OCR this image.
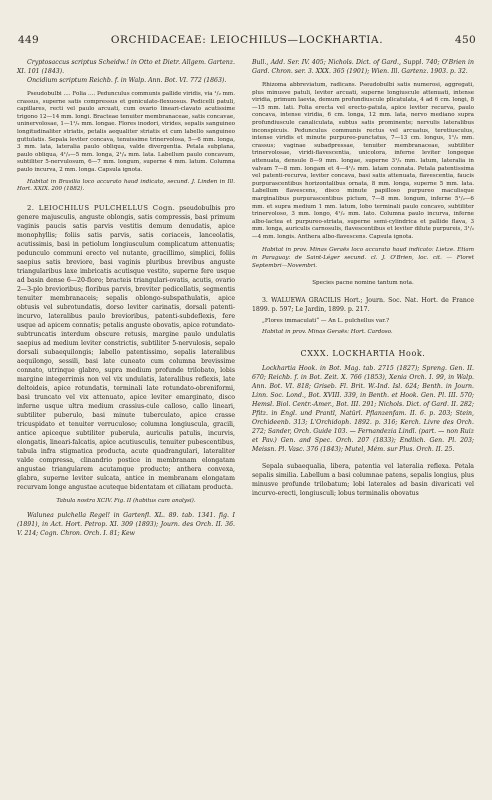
449	ORCHIDACEAE: LEIOCHILUS—LOCKHARTIA.	450

Cryptosaccus scriptus Scheidw.! in Otto et Dietr. Allgem. Gartenz. XI. 101 (1843).

Oncidium scriptum Reichb. f. in Walp. Ann. Bot. VI. 772 (1863).

Pseudobulbi .... Folia .... Pedunculus communis pallide viridis, via ¹/₂ mm. crassus, superne satis compressus et geniculato-flexuosus. Pedicelli patuli, capillares, recti vel paulo arcuati, cum ovario lineari-clavato acutissime trigono 12—14 mm. longi. Bracteae tenuiter membranaceae, satis concavae, uninervolosae, 1—1¹/₂ mm. longae. Flores inodori, virides, sepalis sanguineo longitudinaliter striatis, petalis aequaliter striatis et cum labello sanguineo guttulatis. Sepala leviter concava, tenuissime trinervolosa, 5—6 mm. longa, 3 mm. lata, lateralia paulo obliqua, valde divergentia. Petala subplana, paulo obliqua, 4¹/₂—5 mm. longa, 2¹/₄ mm. lata. Labellum paulo concavum, subtiliter 5-nervulosum, 6—7 mm. longum, superne 4 mm. latum. Columna paulo incurva, 2 mm. longa. Capsula ignota.

Habitat in Brasilia loco accurato haud indicato, secund. J. Linden in Ill. Hort. XXIX. 200 (1882).

2. LEIOCHILUS PULCHELLUS Cogn. pseudobulbis pro genere majusculis, anguste oblongis, satis compressis, basi primum vaginis paucis satis parvis vestitis demum denudatis, apice monophyllis; foliis satis parvis, satis coriaceis, lanceolatis, acutissimis, basi in petiolum longiusculum complicatum attenuatis; pedunculo communi erecto vel nutante, gracillimo, simplici, foliis saepius satis breviore, basi vaginis pluribus brevibus anguste triangularibus laxe imbricatis acutisque vestito, superne fere usque ad basin dense 6—20-floro; bracteis triangulari-ovatis, acutis, ovario 2—3-plo brevioribus; floribus parvis, breviter pedicellatis, segmentis tenuiter membranaceis; sepalis oblongo-subspathulatis, apice obtusis vel subrotundatis, dorso leviter carinatis, dorsali patenti-incurvo, lateralibus paulo brevioribus, patenti-subdeflexis, fere usque ad apicem connatis; petalis anguste obovatis, apice rotundato-subtruncatis interdum obscure retusis, margine paulo undulatis saepius ad medium leviter constrictis, subtiliter 5-nervulosis, sepalo dorsali subaequilongis; labello patentissimo, sepalis lateralibus aequilongo, sessili, basi late cuneato cum columna brevissime connato, utrinque glabro, supra medium profunde trilobato, lobis margine integerrimis non vel vix undulatis, lateralibus reflexis, late deltoideis, apice rotundatis, terminali late rotundato-obreniformi, basi truncato vel vix attenuato, apice leviter emarginato, disco inferne usque ultra medium crassius-cule calloso, callo lineari, subtiliter puberulo, basi minute tuberculato, apice crasse tricuspidato et tenuiter verruculoso; columna longiuscula, gracili, antice apiceque subtiliter puberula, auriculis patulis, incurvis, elongatis, lineari-falcatis, apice acutiusculis, tenuiter pubescentibus, tabula infra stigmatica producta, acute quadrangulari, lateraliter valde compressa, clinandrio postice in membranam elongatam angustae triangularem acutamque producto; anthera convexa, glabra, superne leviter sulcata, antice in membranam elongatam recurvam longe angustae acuteque bidentatam et ciliatam producta.

Tabula nostra XCIV. Fig. II (habitus cum analysi).

Walunea pulchella Regel! in Gartenfl. XL. 89. tab. 1341. fig. I (1891), in Act. Hort. Petrop. XI. 309 (1893); Journ. des Orch. II. 36. V. 214; Cogn. Chron. Orch. I. 81; Kew

Bull., Add. Ser. IV. 405; Nichols. Dict. of Gard., Suppl. 740; O'Brien in Gard. Chron. ser. 3. XXX. 365 (1901); Wien. Ill. Gartenz. 1903. p. 32.

Rhizoma abbreviatum, radicans. Pseudobulbi satis numerosi, aggregati, plus minusve patuli, leviter arcuati, superne longiuscule attenuati, intense viridia, primum laevia, demum profundiuscule plicatulata, 4 ad 6 cm. longi, 8—15 mm. lati. Folia erecta vel erecto-patula, apice leviter recurva, paulo concava, intense viridia, 6 cm. longa, 12 mm. lata, nervo mediano supra profundiuscule canaliculata, subtus satis prominente; nervulis lateralibus inconspicuis. Pedunculus communis rectus vel arcuatus, teretiusculus, intense viridis et minute purpureo-punctatus, 7—13 cm. longus, 1¹/₂ mm. crassus; vaginae subadpressae, tenuiter membranaceae, subtiliter trinervolosae, viridi-flavescentia, unicolora, inferne leviter longeque attenuata, densule 8—9 mm. longae, superne 3¹/₂ mm. latum, lateralia in valvam 7—8 mm. longam et 4—4¹/₂ mm. latam connata. Petala patentissima vel patenti-recurva, leviter concava, basi satis attenuata, flavescentia, faucis purpurascentibus horizontalibus ornata, 8 mm. longa, superne 5 mm. lata. Labellum flavescens, disco minute papilloso purpureo maculisque marginalibus purpurascentibus pictum, 7—8 mm. longum, inferne 5¹/₂—6 mm. et supra medium 1 mm. latum, lobo terminali paulo concavo, subtiliter trinervoloso, 3 mm. longo, 4¹/₂ mm. lato. Columna paulo incurva, inferne albo-lactea et purpureo-striata, superne semi-cylindrica et pallide flava, 3 mm. longa, auriculis carnosulis, flavescentibus et leviter dilute purpureis, 3¹/₂—4 mm. longis. Anthera albo-flavescens. Capsula ignota.

Habitat in prov. Minas Geraës loco accurato haud indicato: Lietze. Etiam in Paraguay: de Saint-Léger secund. cl. J. O'Brien, loc. cit. — Floret Septembri—Novembri.

Species pacne nomine tantum nota.

3. WALUEWA GRACILIS Hort.; Journ. Soc. Nat. Hort. de France 1899. p. 597; Le Jardin, 1899. p. 217.

„Flores immaculati“ — An L. pulchellus var.?

Habitat in prov. Minas Geraës: Hort. Cardoso.

CXXX. LOCKHARTIA Hook.

Lockhartia Hook. in Bot. Mag. tab. 2715 (1827); Spreng. Gen. II. 670; Reichb. f. in Bot. Zeit. X. 766 (1853), Xenia Orch. I. 99, in Walp. Ann. Bot. VI. 818; Griseb. Fl. Brit. W.-Ind. Isl. 624; Benth. in Journ. Linn. Soc. Lond., Bot. XVIII. 339, in Benth. et Hook. Gen. Pl. III. 570; Hemsl. Biol. Centr.-Amer., Bot. III. 291; Nichols. Dict. of Gard. II. 282; Pfitz. in Engl. und Prantl, Natürl. Pflanzenfam. II. 6. p. 203; Stein, Orchideenb. 313; L'Orchidoph. 1892. p. 316; Kerch. Livre des Orch. 272; Sander, Orch. Guide 103. — Fernandezia Lindl. (part. — non Ruiz et Pav.) Gen. and Spec. Orch. 207 (1833); Endlich. Gen. Pl. 203; Meissn. Pl. Vasc. 376 (1843); Mutel, Mém. sur Plus. Orch. II. 25.

Sepala subaequalia, libera, patentia vel lateralia reflexa. Petala sepalis similia. Labellum a basi columnae patens, sepalis longius, plus minusve profunde trilobatum; lobi laterales ad basin divaricati vel incurvo-erecti, longiusculi; lobus terminalis obovatus
